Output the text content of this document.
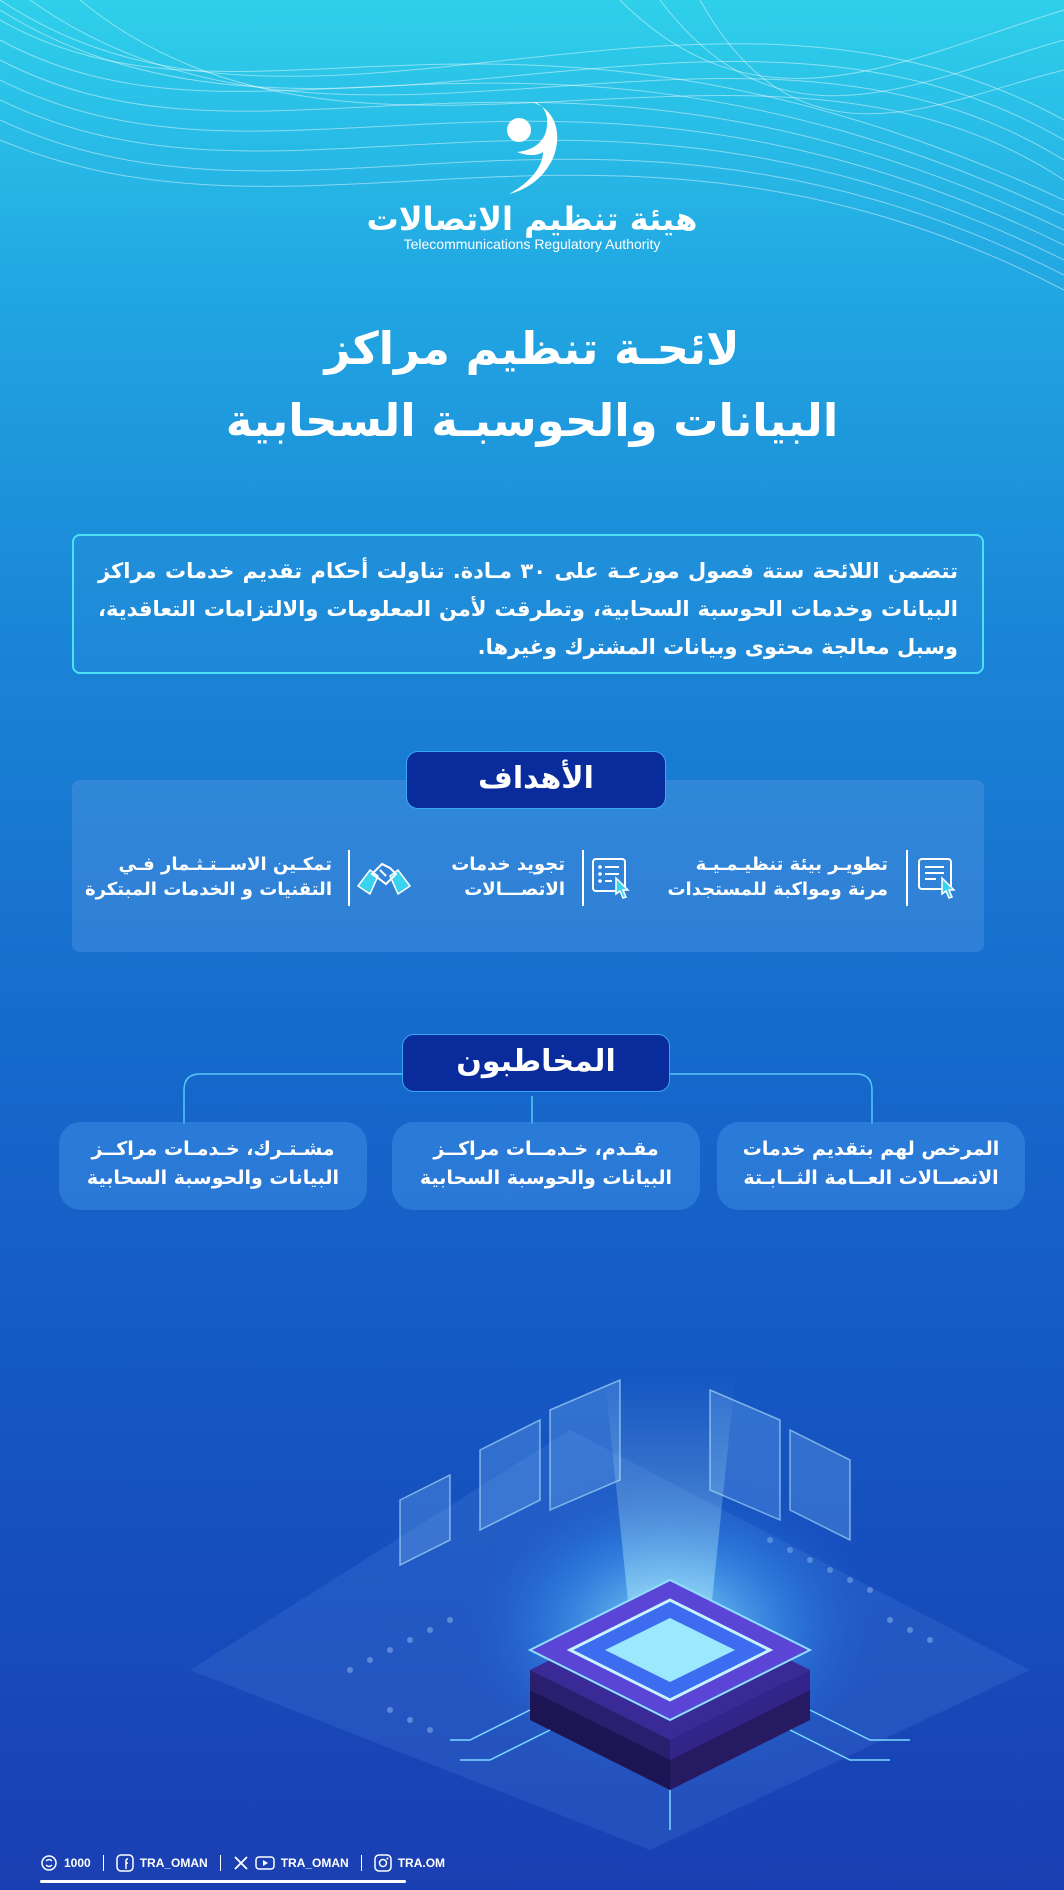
هيئة تنظيم الاتصالات
Telecommunications Regulatory Authority
لائحـة تنظيم مراكز
البيانات والحوسبـة السحابية
تتضمن اللائحة ستة فصول موزعـة على ٣٠ مـادة. تناولت أحكام تقديم خدمات مراكز البيانات وخدمات الحوسبة السحابية، وتطرقت لأمن المعلومات والالتزامات التعاقدية، وسبل معالجة محتوى وبيانات المشترك وغيرها.
الأهداف
تطويـر بيئة تنظيـمـيـة
مرنة ومواكبة للمستجدات
تجويد خدمات
الاتصـــالات
تمكـين الاســتـثـمار فـي
التقنيات و الخدمات المبتكرة
المخاطبون
المرخص لهم بتقديم خدمات
الاتصــالات العــامة الثــابـتة
مقـدم، خـدمــات مراكــز
البيانات والحوسبة السحابية
مشـتـرك، خـدمـات مراكــز
البيانات والحوسبة السحابية
1000	TRA_OMAN	TRA_OMAN	TRA.OM
